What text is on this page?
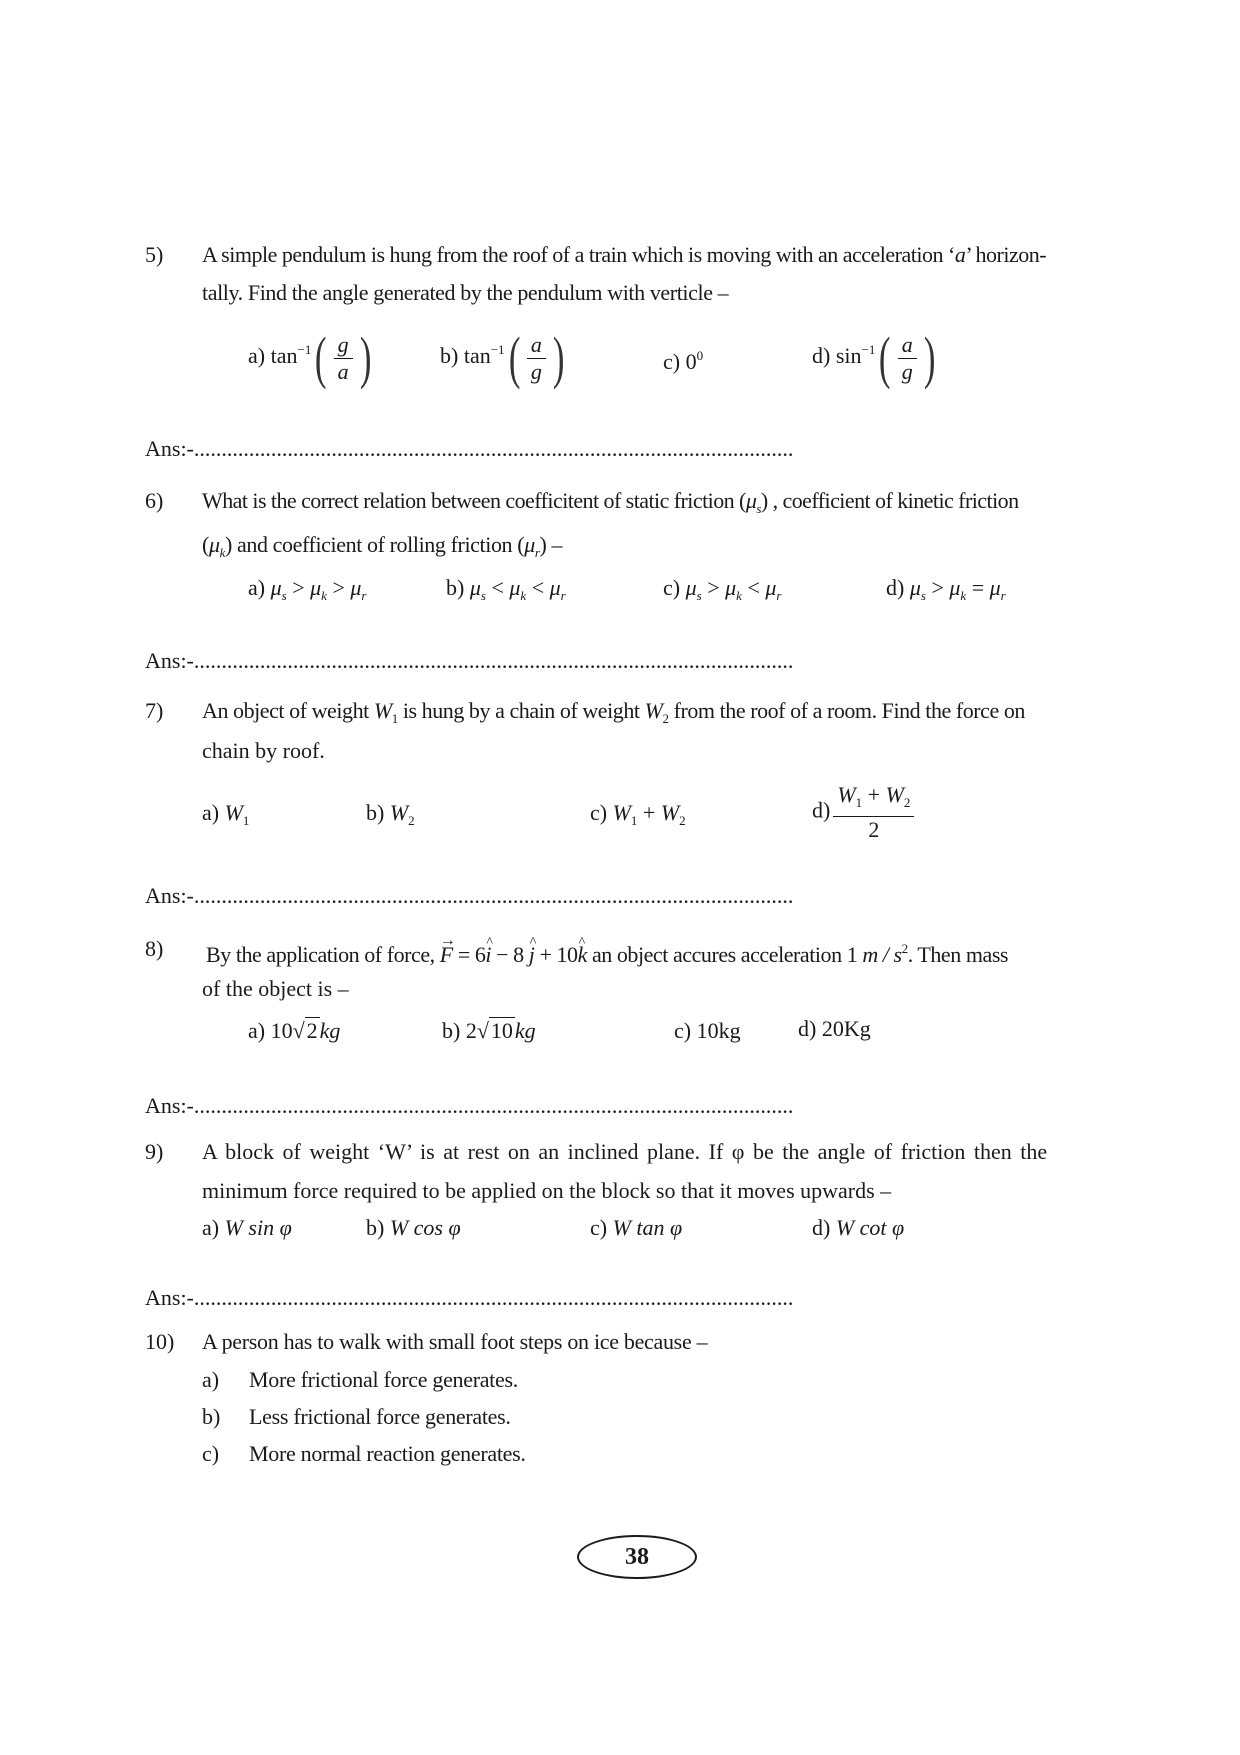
5) A simple pendulum is hung from the roof of a train which is moving with an acceleration ‘a’ horizon-
tally. Find the angle generated by the pendulum with verticle –
a) $\tan^{-1}$ ( $\frac{g}{a}$ )	b) $\tan^{-1}$ ( $\frac{a}{g}$ )	c) $0^0$	d) $\sin^{-1}$ ( $\frac{a}{g}$ )
Ans:-.............................................................................................................
6) What is the correct relation between coefficitent of static friction $(\mu_s)$ , coefficient of kinetic friction
$(\mu_k)$ and coefficient of rolling friction $(\mu_r)$ –
a) $\mu_s > \mu_k > \mu_r$	b) $\mu_s < \mu_k < \mu_r$	c) $\mu_s > \mu_k < \mu_r$	d) $\mu_s > \mu_k = \mu_r$
Ans:-.............................................................................................................
7) An object of weight $W_1$ is hung by a chain of weight $W_2$ from the roof of a room. Find the force on
chain by roof.
a) $W_1$	b) $W_2$	c) $W_1 + W_2$	$d) \frac{W_1 + W_2}{2}$
Ans:-.............................................................................................................
8) By the application of force, → F = 6i ^ − 8 j ^ + 10k ^ an object accures acceleration 1 m / $s^2$. Then mass
of the object is –
a) 10√2kg	b) 2√10kg	c) 10kg	d) 20Kg
Ans:-.............................................................................................................
9) A block of weight ‘W’ is at rest on an inclined plane. If φ be the angle of friction then the
minimum force required to be applied on the block so that it moves upwards –
a) W sin φ	b) W cos φ	c) W tan φ	d) W cot φ
Ans:-.............................................................................................................
10) A person has to walk with small foot steps on ice because –
a) More frictional force generates.
b) Less frictional force generates.
c) More normal reaction generates.
38
